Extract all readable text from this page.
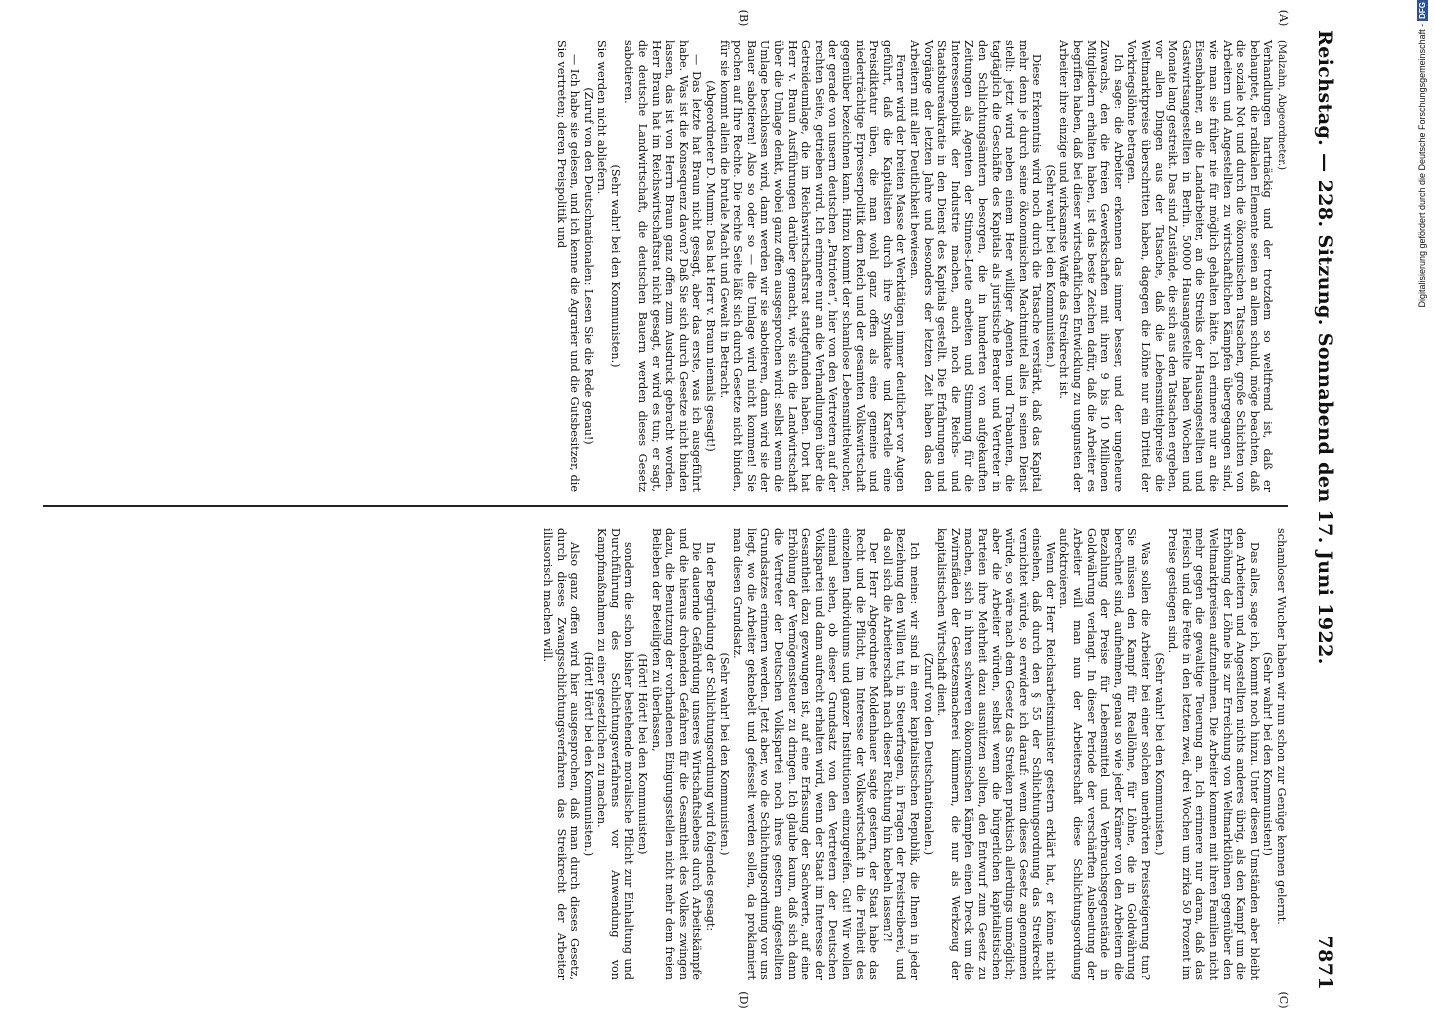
Reichstag. — 228. Sitzung. Sonnabend den 17. Juni 1922.
7871
(A)
(B)
(C)
(D)

(Malzahn, Abgeordneter.)

Verhandlungen hartnäckig und der trotzdem so weltfremd ist, daß er behauptet, die radikalen Elemente seien an allem schuld, möge beachten, daß die soziale Not und durch die ökonomischen Tatsachen, große Schichten von Arbeitern und Angestellten zu wirtschaftlichen Kämpfen übergegangen sind, wie man sie früher nie für möglich gehalten hätte. Ich erinnere nur an die Eisenbahner, an die Landarbeiter, an die Streiks der Hausangestellten und Gastwirtsangestellten in Berlin. 50000 Hausangestellte haben Wochen und Monate lang gestreikt. Das sind Zustände, die sich aus den Tatsachen ergeben, vor allen Dingen aus der Tatsache, daß die Lebensmittelpreise die Weltmarktpreise überschritten haben, dagegen die Löhne nur ein Drittel der Vorkriegslöhne betragen.

Ich sage: die Arbeiter erkennen das immer besser, und der ungeheure Zuwachs, den die freien Gewerkschaften mit ihren 9 bis 10 Millionen Mitgliedern erhalten haben, ist das beste Zeichen dafür, daß die Arbeiter es begriffen haben, daß bei dieser wirtschaftlichen Entwicklung zu ungunsten der Arbeiter ihre einzige und wirksamste Waffe das Streikrecht ist.

(Sehr wahr! bei den Kommunisten.)

Diese Erkenntnis wird noch durch die Tatsache verstärkt, daß das Kapital mehr denn je durch seine ökonomischen Machtmittel alles in seinen Dienst stellt: jetzt wird neben einem Heer williger Agenten und Trabanten, die tagtäglich die Geschäfte des Kapitals als juristische Berater und Vertreter in den Schlichtungsämtern besorgen, die in hunderten von aufgekauften Zeitungen als Agenten der Stinnes-Leute arbeiten und Stimmung für die Interessenpolitik der Industrie machen, auch noch die Reichs- und Staatsbureaukratie in den Dienst des Kapitals gestellt. Die Erfahrungen und Vorgänge der letzten Jahre und besonders der letzten Zeit haben das den Arbeitern mit aller Deutlichkeit bewiesen.

Ferner wird der breiten Masse der Werktätigen immer deutlicher vor Augen geführt, daß die Kapitalisten durch ihre Syndikate und Kartelle eine Preisdiktatur üben, die man wohl ganz offen als eine gemeine und niederträchtige Erpresserpolitik dem Reich und der gesamten Volkswirtschaft gegenüber bezeichnen kann. Hinzu kommt der schamlose Lebensmittelwucher, der gerade von unsern deutschen „Patrioten“, hier von den Vertretern auf der rechten Seite, getrieben wird. Ich erinnere nur an die Verhandlungen über die Getreideumlage, die im Reichswirtschaftsrat stattgefunden haben. Dort hat Herr v. Braun Ausführungen darüber gemacht, wie sich die Landwirtschaft über die Umlage denkt, wobei ganz offen ausgesprochen wird: selbst wenn die Umlage beschlossen wird, dann werden wir sie sabotieren, dann wird sie der Bauer sabotieren! Also so oder so — die Umlage wird nicht kommen! Sie pochen auf Ihre Rechte. Die rechte Seite läßt sich durch Gesetze nicht binden, für sie kommt allein die brutale Macht und Gewalt in Betracht.

(Abgeordneter D. Mumm: Das hat Herr v. Braun niemals gesagt!)

— Das letzte hat Braun nicht gesagt, aber das erste, was ich ausgeführt habe. Was ist die Konsequenz davon? Daß Sie sich durch Gesetze nicht binden lassen, das ist von Herrn Braun ganz offen zum Ausdruck gebracht worden. Herr Braun hat im Reichswirtschaftsrat nicht gesagt, er wird es tun; er sagt, die deutsche Landwirtschaft, die deutschen Bauern werden dieses Gesetz sabotieren.

(Sehr wahr! bei den Kommunisten.)

Sie werden nicht abliefern.

(Zuruf von den Deutschnationalen: Lesen Sie die Rede genau!)

— Ich habe sie gelesen, und ich kenne die Agrarier und die Gutsbesitzer, die Sie vertreten; deren Preispolitik und

schamloser Wucher haben wir nun schon zur Genüge kennen gelernt.

(Sehr wahr! bei den Kommunisten!)

Das alles, sage ich, kommt noch hinzu. Unter diesen Umständen aber bleibt den Arbeitern und Angestellten nichts anderes übrig, als den Kampf um die Erhöhung der Löhne bis zur Erreichung von Weltmarktlöhnen gegenüber den Weltmarktpreisen aufzunehmen. Die Arbeiter kommen mit ihren Familien nicht mehr gegen die gewaltige Teuerung an. Ich erinnere nur daran, daß das Fleisch und die Fette in den letzten zwei, drei Wochen um zirka 50 Prozent im Preise gestiegen sind.

(Sehr wahr! bei den Kommunisten.)

Was sollen die Arbeiter bei einer solchen unerhörten Preissteigerung tun? Sie müssen den Kampf für Reallöhne, für Löhne, die in Goldwährung berechnet sind, aufnehmen, genau so wie jeder Krämer von den Arbeitern die Bezahlung der Preise für Lebensmittel und Verbrauchsgegenstände in Goldwährung verlangt. In dieser Periode der verschärften Ausbeutung der Arbeiter will man nun der Arbeiterschaft diese Schlichtungsordnung aufoktroieren.

Wenn der Herr Reichsarbeitsminister gestern erklärt hat, er könne nicht einsehen, daß durch den § 55 der Schlichtungsordnung das Streikrecht vernichtet würde, so erwidere ich darauf: wenn dieses Gesetz angenommen würde, so wäre nach dem Gesetz das Streiken praktisch allerdings unmöglich; aber die Arbeiter würden, selbst wenn die bürgerlichen kapitalistischen Parteien ihre Mehrheit dazu ausnützen sollten, den Entwurf zum Gesetz zu machen, sich in ihren schweren ökonomischen Kämpfen einen Dreck um die Zwirnsfäden der Gesetzesmacherei kümmern, die nur als Werkzeug der kapitalistischen Wirtschaft dient.

(Zuruf von den Deutschnationalen.)

Ich meine: wir sind in einer kapitalistischen Republik, die Ihnen in jeder Beziehung den Willen tut, in Steuerfragen, in Fragen der Preistreiberei, und da soll sich die Arbeiterschaft nach dieser Richtung hin knebeln lassen?!

Der Herr Abgeordnete Moldenhauer sagte gestern, der Staat habe das Recht und die Pflicht, im Interesse der Volkswirtschaft in die Freiheit des einzelnen Individuums und ganzer Institutionen einzugreifen. Gut! Wir wollen einmal sehen, ob dieser Grundsatz von den Vertretern der Deutschen Volkspartei und dann aufrecht erhalten wird, wenn der Staat im Interesse der Gesamtheit dazu gezwungen ist, auf eine Erfassung der Sachwerte, auf eine Erhöhung der Vermögenssteuer zu dringen. Ich glaube kaum, daß sich dann die Vertreter der Deutschen Volkspartei noch ihres gestern aufgestellten Grundsatzes erinnern werden. Jetzt aber, wo die Schlichtungsordnung vor uns liegt, wo die Arbeiter geknebelt und gefesselt werden sollen, da proklamiert man diesen Grundsatz.

(Sehr wahr! bei den Kommunisten.)

In der Begründung der Schlichtungsordnung wird folgendes gesagt:

Die dauernde Gefährdung unseres Wirtschaftslebens durch Arbeitskämpfe und die hieraus drohenden Gefahren für die Gesamtheit des Volkes zwingen dazu, die Benutzung der vorhandenen Einigungsstellen nicht mehr dem freien Belieben der Beteiligten zu überlassen,

(Hört! Hört! bei den Kommunisten)

sondern die schon bisher bestehende moralische Pflicht zur Einhaltung und Durchführung des Schlichtungsverfahrens vor Anwendung von Kampfmaßnahmen zu einer gesetzlichen zu machen.

(Hört! Hört! bei den Kommunisten.)

Also ganz offen wird hier ausgesprochen, daß man durch dieses Gesetz, durch dieses Zwangsschlichtungsverfahren das Streikrecht der Arbeiter illusorisch machen will.

Digitalisierung gefördert durch die Deutsche Forschungsgemeinschaft -DFG
